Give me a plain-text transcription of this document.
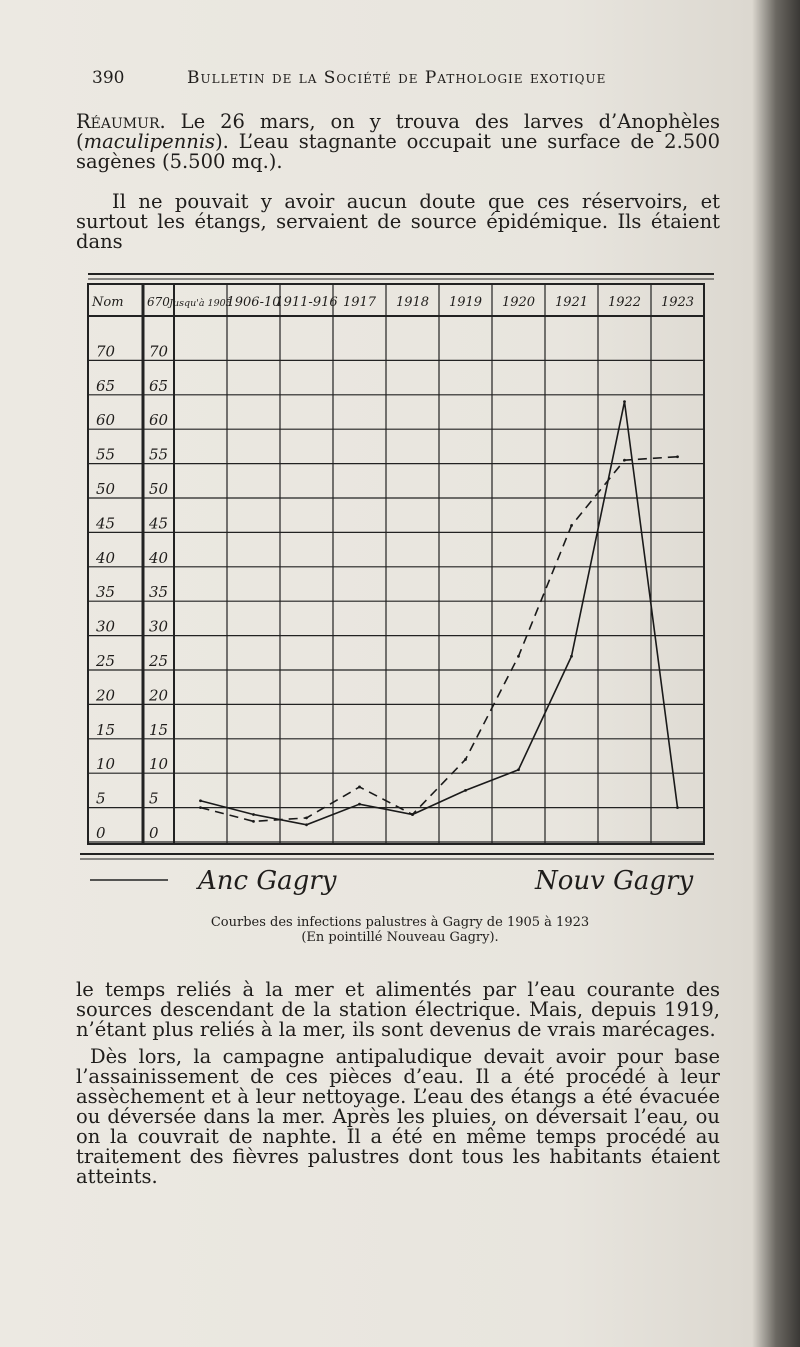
390	Bulletin de la Société de Pathologie exotique
Réaumur. Le 26 mars, on y trouva des larves d’Anophèles (maculipennis). L’eau stagnante occupait une surface de 2.500 sagènes (5.500 mq.).
Il ne pouvait y avoir aucun doute que ces réservoirs, et surtout les étangs, servaient de source épidémique. Ils étaient dans
0	0
5	5
10 10
15 15
20 20
25 25
30 30
35 35
40 40
45 45
50 50
55 55
60 60
65 65
70 70
Nom 670 Jusqu'à 1905
1906-10
1911-916 1917 1918 1919 1920 1921 1922 1923
Anc Gagry	Nouv Gagry
Courbes des infections palustres à Gagry de 1905 à 1923
(En pointillé Nouveau Gagry).
le temps reliés à la mer et alimentés par l’eau courante des sources descendant de la station électrique. Mais, depuis 1919, n’étant plus reliés à la mer, ils sont devenus de vrais marécages.
Dès lors, la campagne antipaludique devait avoir pour base l’assainissement de ces pièces d’eau. Il a été procédé à leur assèchement et à leur nettoyage. L’eau des étangs a été évacuée ou déversée dans la mer. Après les pluies, on déversait l’eau, ou on la couvrait de naphte. Il a été en même temps procédé au traitement des fièvres palustres dont tous les habitants étaient atteints.
